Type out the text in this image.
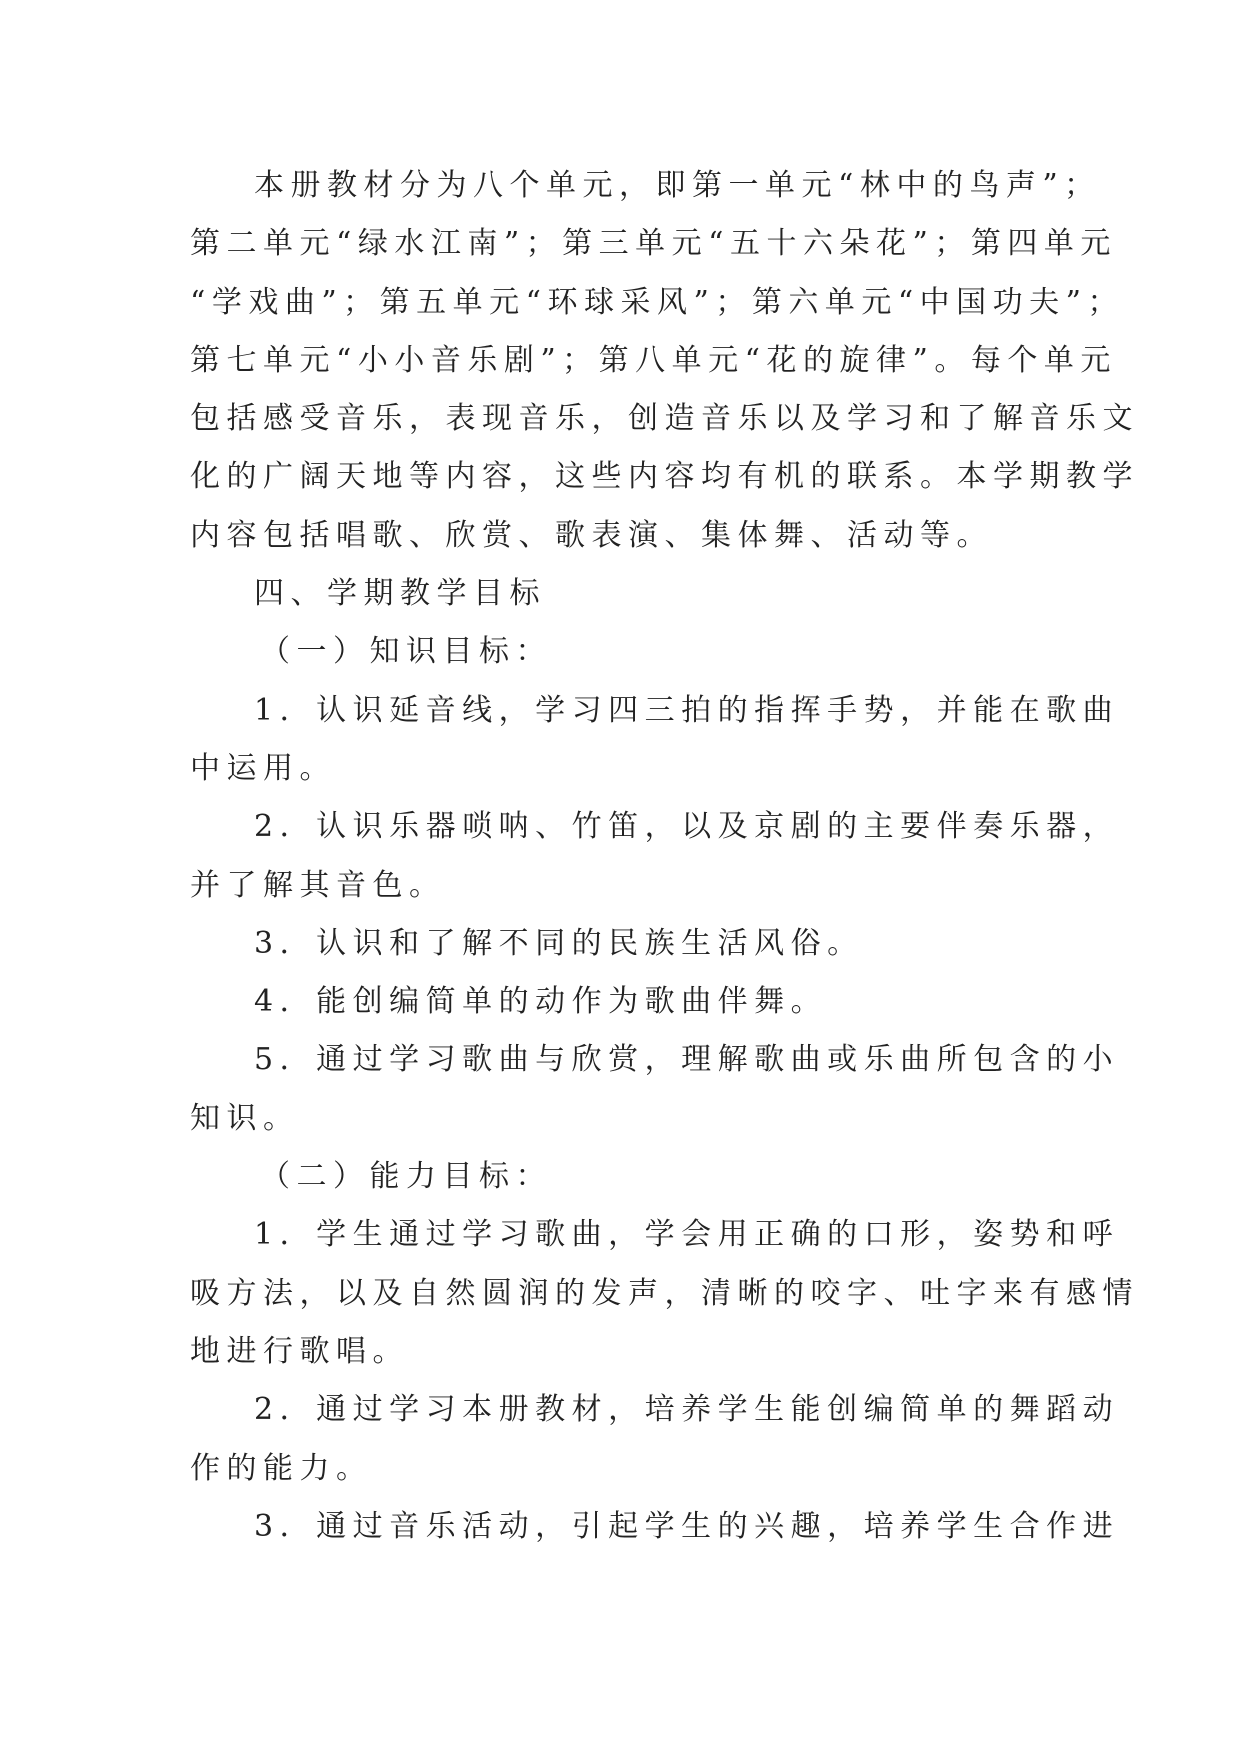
本册教材分为八个单元，即第一单元“林中的鸟声”；
第二单元“绿水江南”；第三单元“五十六朵花”；第四单元
“学戏曲”；第五单元“环球采风”；第六单元“中国功夫”；
第七单元“小小音乐剧”；第八单元“花的旋律”。每个单元
包括感受音乐，表现音乐，创造音乐以及学习和了解音乐文
化的广阔天地等内容，这些内容均有机的联系。本学期教学
内容包括唱歌、欣赏、歌表演、集体舞、活动等。
四、学期教学目标
（一）知识目标：
1．认识延音线，学习四三拍的指挥手势，并能在歌曲
中运用。
2．认识乐器唢呐、竹笛，以及京剧的主要伴奏乐器，
并了解其音色。
3．认识和了解不同的民族生活风俗。
4．能创编简单的动作为歌曲伴舞。
5．通过学习歌曲与欣赏，理解歌曲或乐曲所包含的小
知识。
（二）能力目标：
1．学生通过学习歌曲，学会用正确的口形，姿势和呼
吸方法，以及自然圆润的发声，清晰的咬字、吐字来有感情
地进行歌唱。
2．通过学习本册教材，培养学生能创编简单的舞蹈动
作的能力。
3．通过音乐活动，引起学生的兴趣，培养学生合作进
